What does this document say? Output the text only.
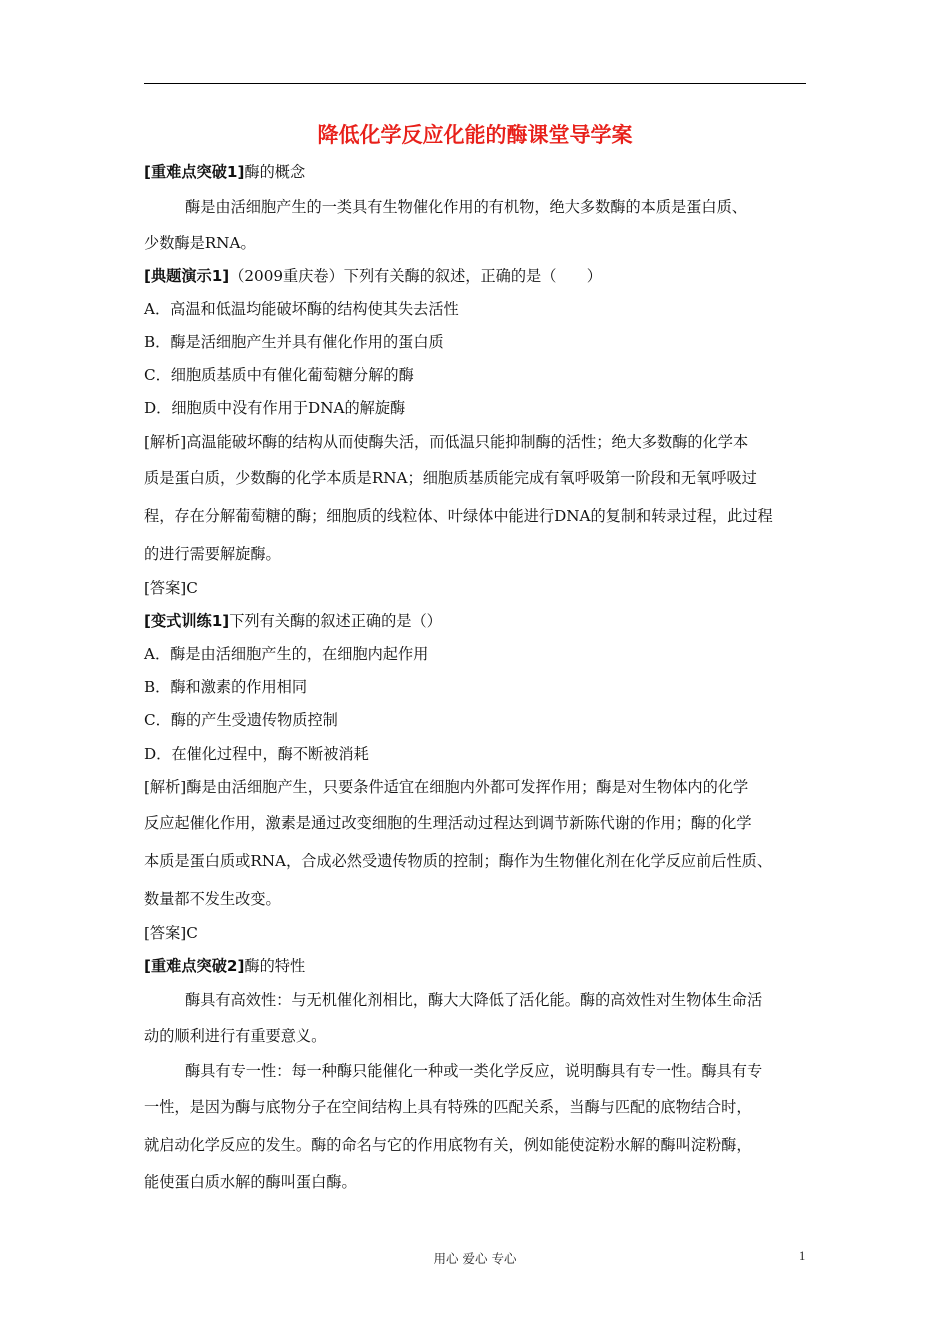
降低化学反应化能的酶课堂导学案
[重难点突破1]酶的概念
酶是由活细胞产生的一类具有生物催化作用的有机物，绝大多数酶的本质是蛋白质、
少数酶是RNA。
[典题演示1]（2009重庆卷）下列有关酶的叙述，正确的是（　　）
A．高温和低温均能破坏酶的结构使其失去活性
B．酶是活细胞产生并具有催化作用的蛋白质
C．细胞质基质中有催化葡萄糖分解的酶
D．细胞质中没有作用于DNA的解旋酶
[解析]高温能破坏酶的结构从而使酶失活，而低温只能抑制酶的活性；绝大多数酶的化学本
质是蛋白质，少数酶的化学本质是RNA；细胞质基质能完成有氧呼吸第一阶段和无氧呼吸过
程，存在分解葡萄糖的酶；细胞质的线粒体、叶绿体中能进行DNA的复制和转录过程，此过程
的进行需要解旋酶。
[答案]C
[变式训练1]下列有关酶的叙述正确的是（）
A．酶是由活细胞产生的，在细胞内起作用
B．酶和激素的作用相同
C．酶的产生受遗传物质控制
D．在催化过程中，酶不断被消耗
[解析]酶是由活细胞产生，只要条件适宜在细胞内外都可发挥作用；酶是对生物体内的化学
反应起催化作用，激素是通过改变细胞的生理活动过程达到调节新陈代谢的作用；酶的化学
本质是蛋白质或RNA，合成必然受遗传物质的控制；酶作为生物催化剂在化学反应前后性质、
数量都不发生改变。
[答案]C
[重难点突破2]酶的特性
酶具有高效性：与无机催化剂相比，酶大大降低了活化能。酶的高效性对生物体生命活
动的顺利进行有重要意义。
酶具有专一性：每一种酶只能催化一种或一类化学反应，说明酶具有专一性。酶具有专
一性，是因为酶与底物分子在空间结构上具有特殊的匹配关系，当酶与匹配的底物结合时，
就启动化学反应的发生。酶的命名与它的作用底物有关，例如能使淀粉水解的酶叫淀粉酶，
能使蛋白质水解的酶叫蛋白酶。
用心 爱心 专心	1
